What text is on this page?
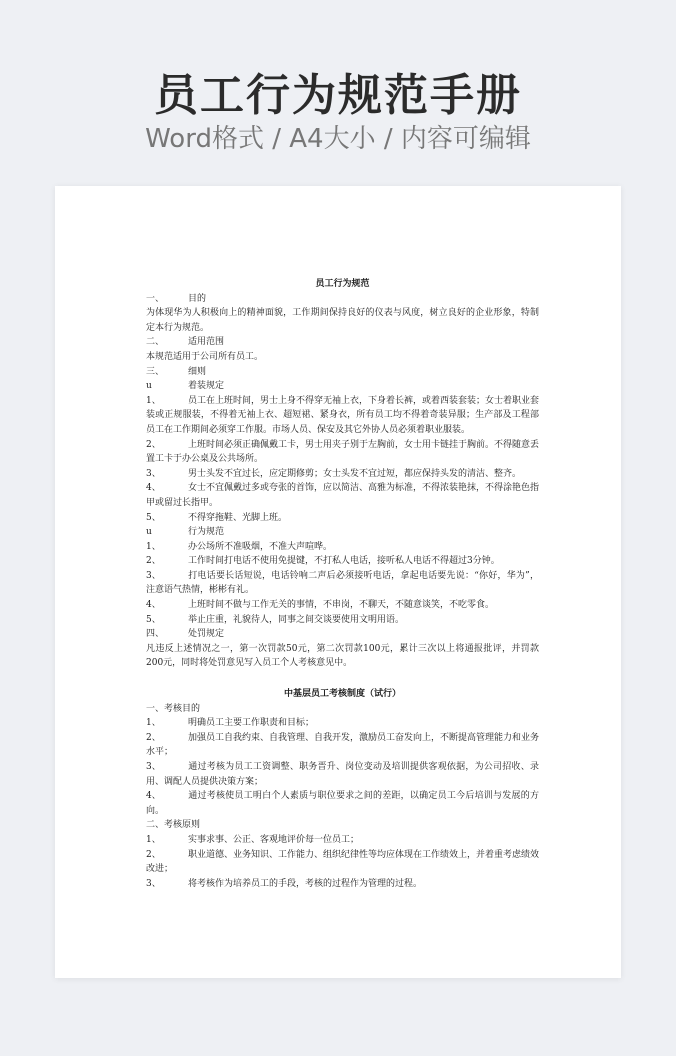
员工行为规范手册
Word格式 / A4大小 / 内容可编辑
员工行为规范
一、	目的
为体现华为人积极向上的精神面貌，工作期间保持良好的仪表与风度，树立良好的企业形象，特制定本行为规范。
二、	适用范围
本规范适用于公司所有员工。
三、	细则
u	着装规定
1、	员工在上班时间，男士上身不得穿无袖上衣，下身着长裤，或着西装套装；女士着职业套装或正规服装，不得着无袖上衣、超短裙、紧身衣，所有员工均不得着奇装异服；生产部及工程部员工在工作期间必须穿工作服。市场人员、保安及其它外协人员必须着职业服装。
2、	上班时间必须正确佩戴工卡，男士用夹子别于左胸前，女士用卡链挂于胸前。不得随意丢置工卡于办公桌及公共场所。
3、	男士头发不宜过长，应定期修剪；女士头发不宜过短，都应保持头发的清洁、整齐。
4、	女士不宜佩戴过多或夸张的首饰，应以简洁、高雅为标准，不得浓装艳抹，不得涂艳色指甲或留过长指甲。
5、	不得穿拖鞋、光脚上班。
u	行为规范
1、	办公场所不准吸烟，不准大声喧哗。
2、	工作时间打电话不使用免提键，不打私人电话，接听私人电话不得超过3分钟。
3、	打电话要长话短说，电话铃响二声后必须接听电话，拿起电话要先说：“你好，华为”，注意语气热情，彬彬有礼。
4、	上班时间不做与工作无关的事情，不串岗，不聊天，不随意谈笑，不吃零食。
5、	举止庄重，礼貌待人，同事之间交谈要使用文明用语。
四、	处罚规定
凡违反上述情况之一，第一次罚款50元，第二次罚款100元，累计三次以上将通报批评，并罚款200元，同时将处罚意见写入员工个人考核意见中。
中基层员工考核制度（试行）
一、考核目的
1、	明确员工主要工作职责和目标；
2、	加强员工自我约束、自我管理、自我开发，激励员工奋发向上，不断提高管理能力和业务水平；
3、	通过考核为员工工资调整、职务晋升、岗位变动及培训提供客观依据，为公司招收、录用、调配人员提供决策方案；
4、	通过考核使员工明白个人素质与职位要求之间的差距，以确定员工今后培训与发展的方向。
二、考核原则
1、	实事求事、公正、客观地评价每一位员工；
2、	职业道德、业务知识、工作能力、组织纪律性等均应体现在工作绩效上，并着重考虑绩效改进；
3、	将考核作为培养员工的手段，考核的过程作为管理的过程。
